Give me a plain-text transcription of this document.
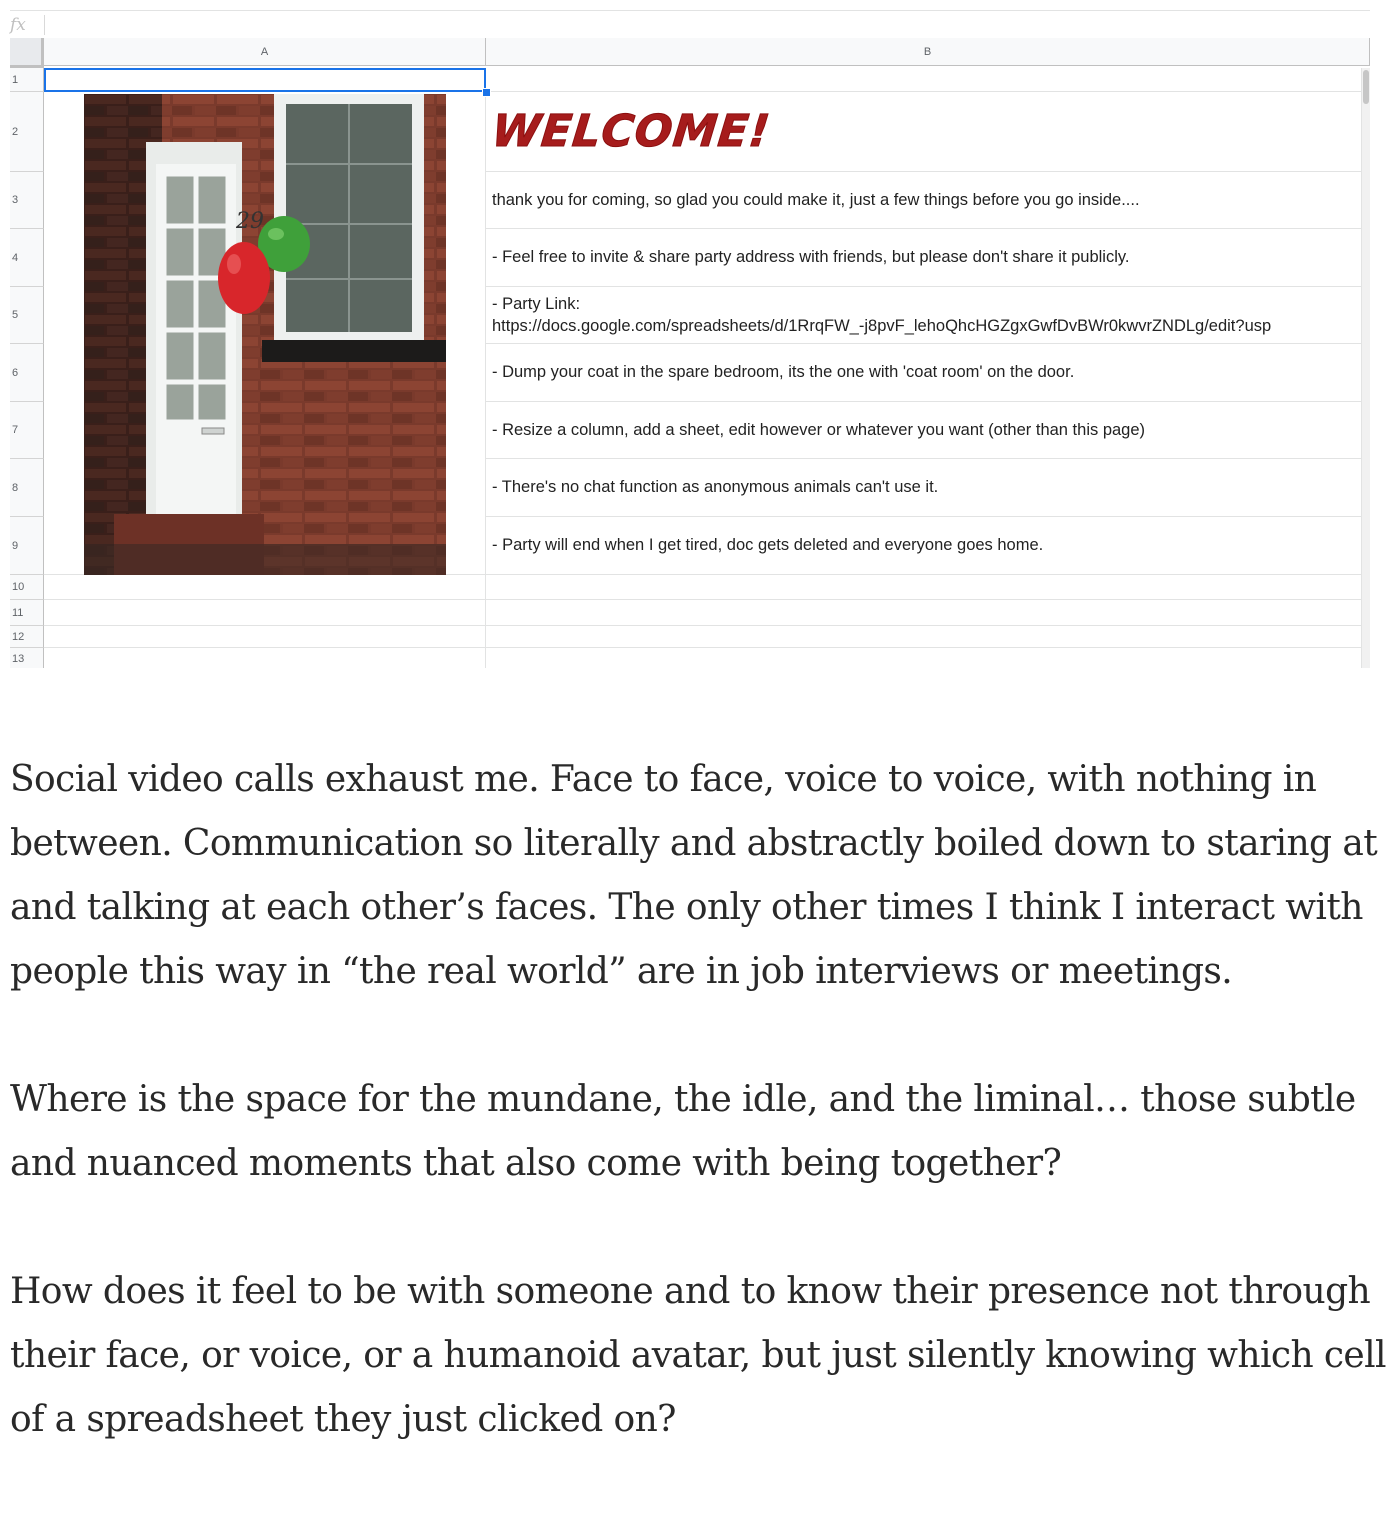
fx
A	B
1
2
3
4
5
6
7
8
9
10
11
12
13
WELCOME!
thank you for coming, so glad you could make it, just a few things before you go inside....
- Feel free to invite & share party address with friends, but please don't share it publicly.
- Party Link:
https://docs.google.com/spreadsheets/d/1RrqFW_-j8pvF_lehoQhcHGZgxGwfDvBWr0kwvrZNDLg/edit?usp
- Dump your coat in the spare bedroom, its the one with 'coat room' on the door.
- Resize a column, add a sheet, edit however or whatever you want (other than this page)
- There's no chat function as anonymous animals can't use it.
- Party will end when I get tired, doc gets deleted and everyone goes home.
29

Social video calls exhaust me. Face to face, voice to voice, with nothing in between. Communication so literally and abstractly boiled down to staring at and talking at each other’s faces. The only other times I think I interact with people this way in “the real world” are in job interviews or meetings.

Where is the space for the mundane, the idle, and the liminal… those subtle and nuanced moments that also come with being together?

How does it feel to be with someone and to know their presence not through their face, or voice, or a humanoid avatar, but just silently knowing which cell of a spreadsheet they just clicked on?
